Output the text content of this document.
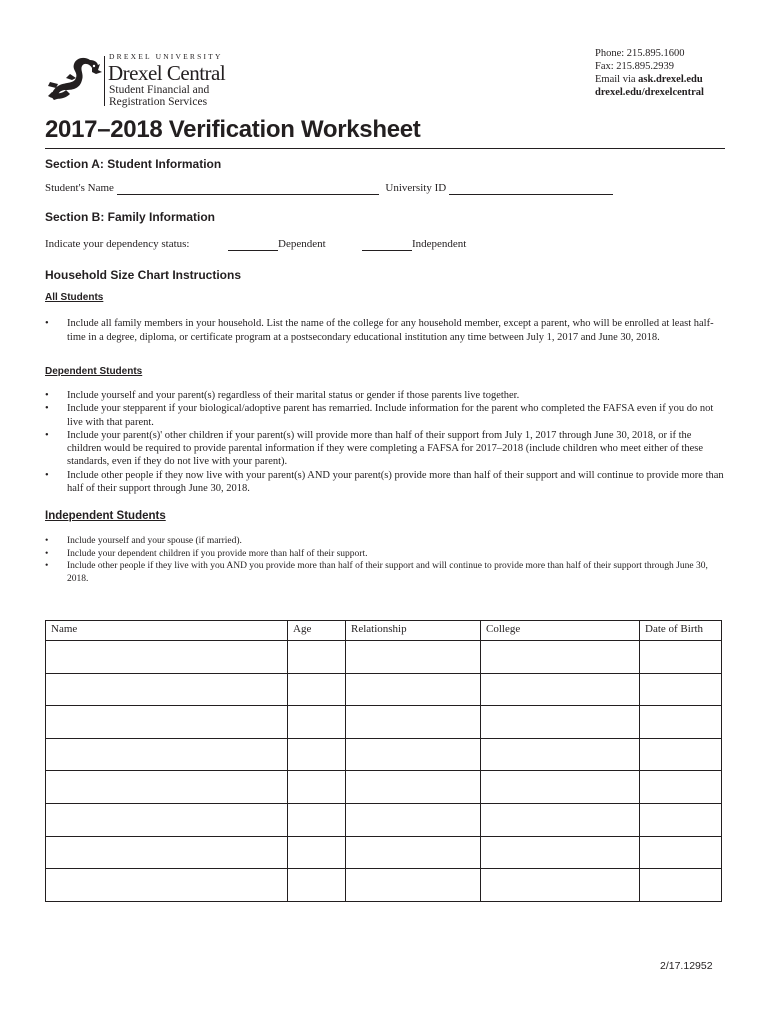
DREXEL UNIVERSITY
Drexel Central
Student Financial and
Registration Services
Phone: 215.895.1600
Fax: 215.895.2939
Email via ask.drexel.edu
drexel.edu/drexelcentral
2017–2018 Verification Worksheet
Section A: Student Information
Student's Name	University ID
Section B: Family Information
Indicate your dependency status:	Dependent	Independent
Household Size Chart Instructions
All Students
• Include all family members in your household. List the name of the college for any household member, except a parent, who will be enrolled at least half-time in a degree, diploma, or certificate program at a postsecondary educational institution any time between July 1, 2017 and June 30, 2018.
Dependent Students
• Include yourself and your parent(s) regardless of their marital status or gender if those parents live together.
• Include your stepparent if your biological/adoptive parent has remarried. Include information for the parent who completed the FAFSA even if you do not live with that parent.
• Include your parent(s)' other children if your parent(s) will provide more than half of their support from July 1, 2017 through June 30, 2018, or if the children would be required to provide parental information if they were completing a FAFSA for 2017–2018 (include children who meet either of these standards, even if they do not live with your parent).
• Include other people if they now live with your parent(s) AND your parent(s) provide more than half of their support and will continue to provide more than half of their support through June 30, 2018.
Independent Students
• Include yourself and your spouse (if married).
• Include your dependent children if you provide more than half of their support.
• Include other people if they live with you AND you provide more than half of their support and will continue to provide more than half of their support through June 30, 2018.
Name	Age	Relationship	College	Date of Birth

2/17.12952
